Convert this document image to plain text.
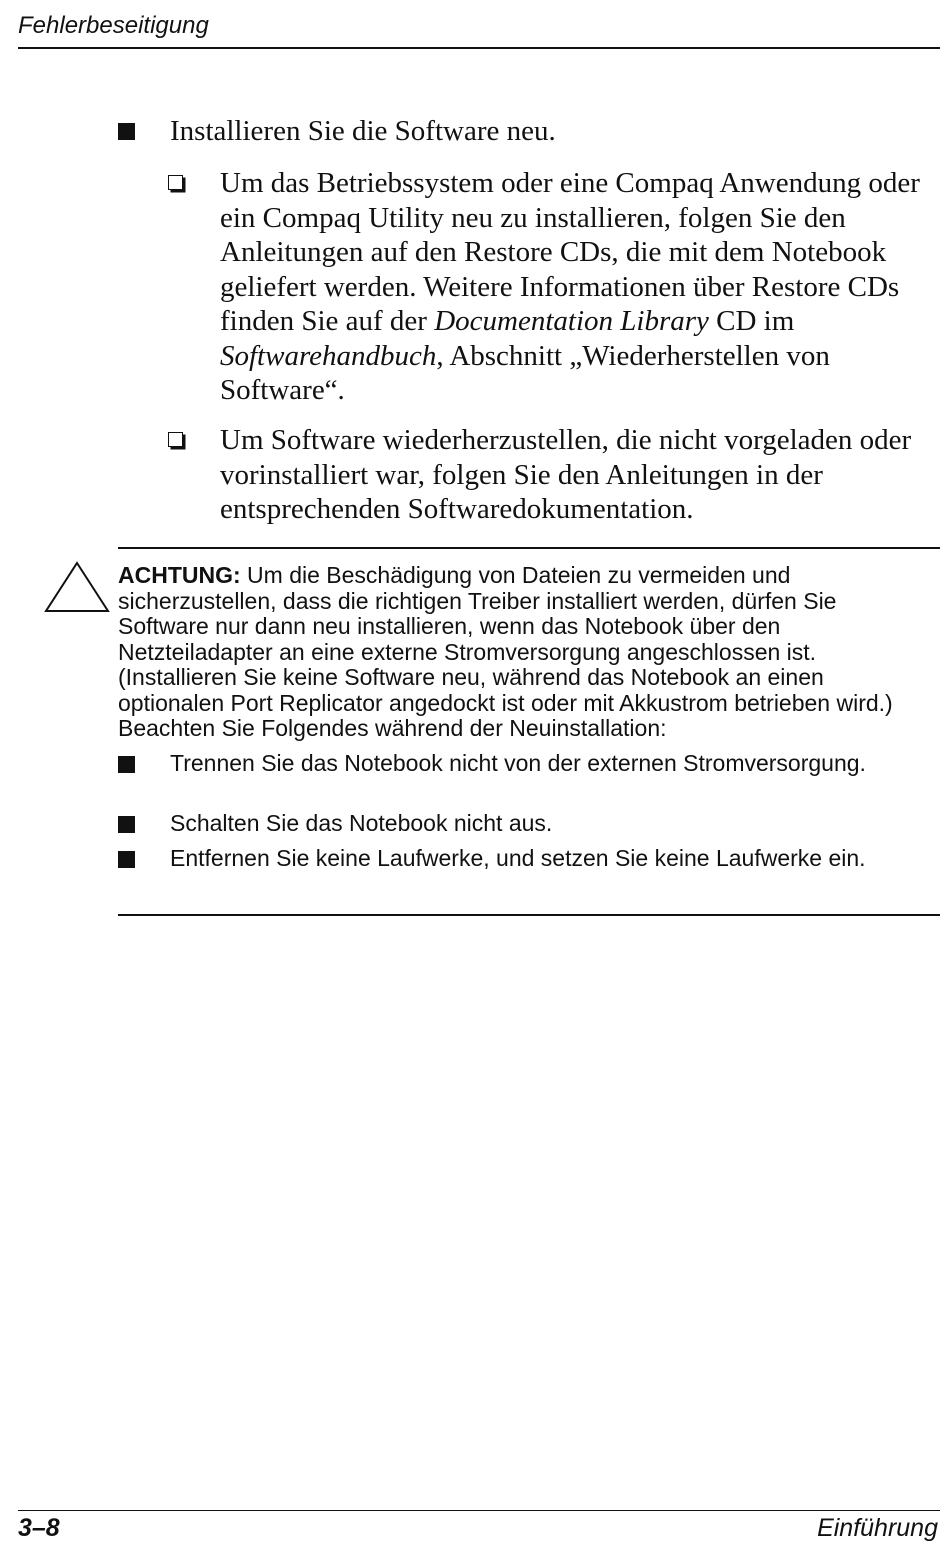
Fehlerbeseitigung
Installieren Sie die Software neu.
Um das Betriebssystem oder eine Compaq Anwendung oder ein Compaq Utility neu zu installieren, folgen Sie den Anleitungen auf den Restore CDs, die mit dem Notebook geliefert werden. Weitere Informationen über Restore CDs finden Sie auf der Documentation Library CD im Softwarehandbuch, Abschnitt „Wiederherstellen von Software“.
Um Software wiederherzustellen, die nicht vorgeladen oder vorinstalliert war, folgen Sie den Anleitungen in der entsprechenden Softwaredokumentation.
ACHTUNG: Um die Beschädigung von Dateien zu vermeiden und sicherzustellen, dass die richtigen Treiber installiert werden, dürfen Sie Software nur dann neu installieren, wenn das Notebook über den Netzteiladapter an eine externe Stromversorgung angeschlossen ist. (Installieren Sie keine Software neu, während das Notebook an einen optionalen Port Replicator angedockt ist oder mit Akkustrom betrieben wird.) Beachten Sie Folgendes während der Neuinstallation:
Trennen Sie das Notebook nicht von der externen Stromversorgung.
Schalten Sie das Notebook nicht aus.
Entfernen Sie keine Laufwerke, und setzen Sie keine Laufwerke ein.
3–8	Einführung
